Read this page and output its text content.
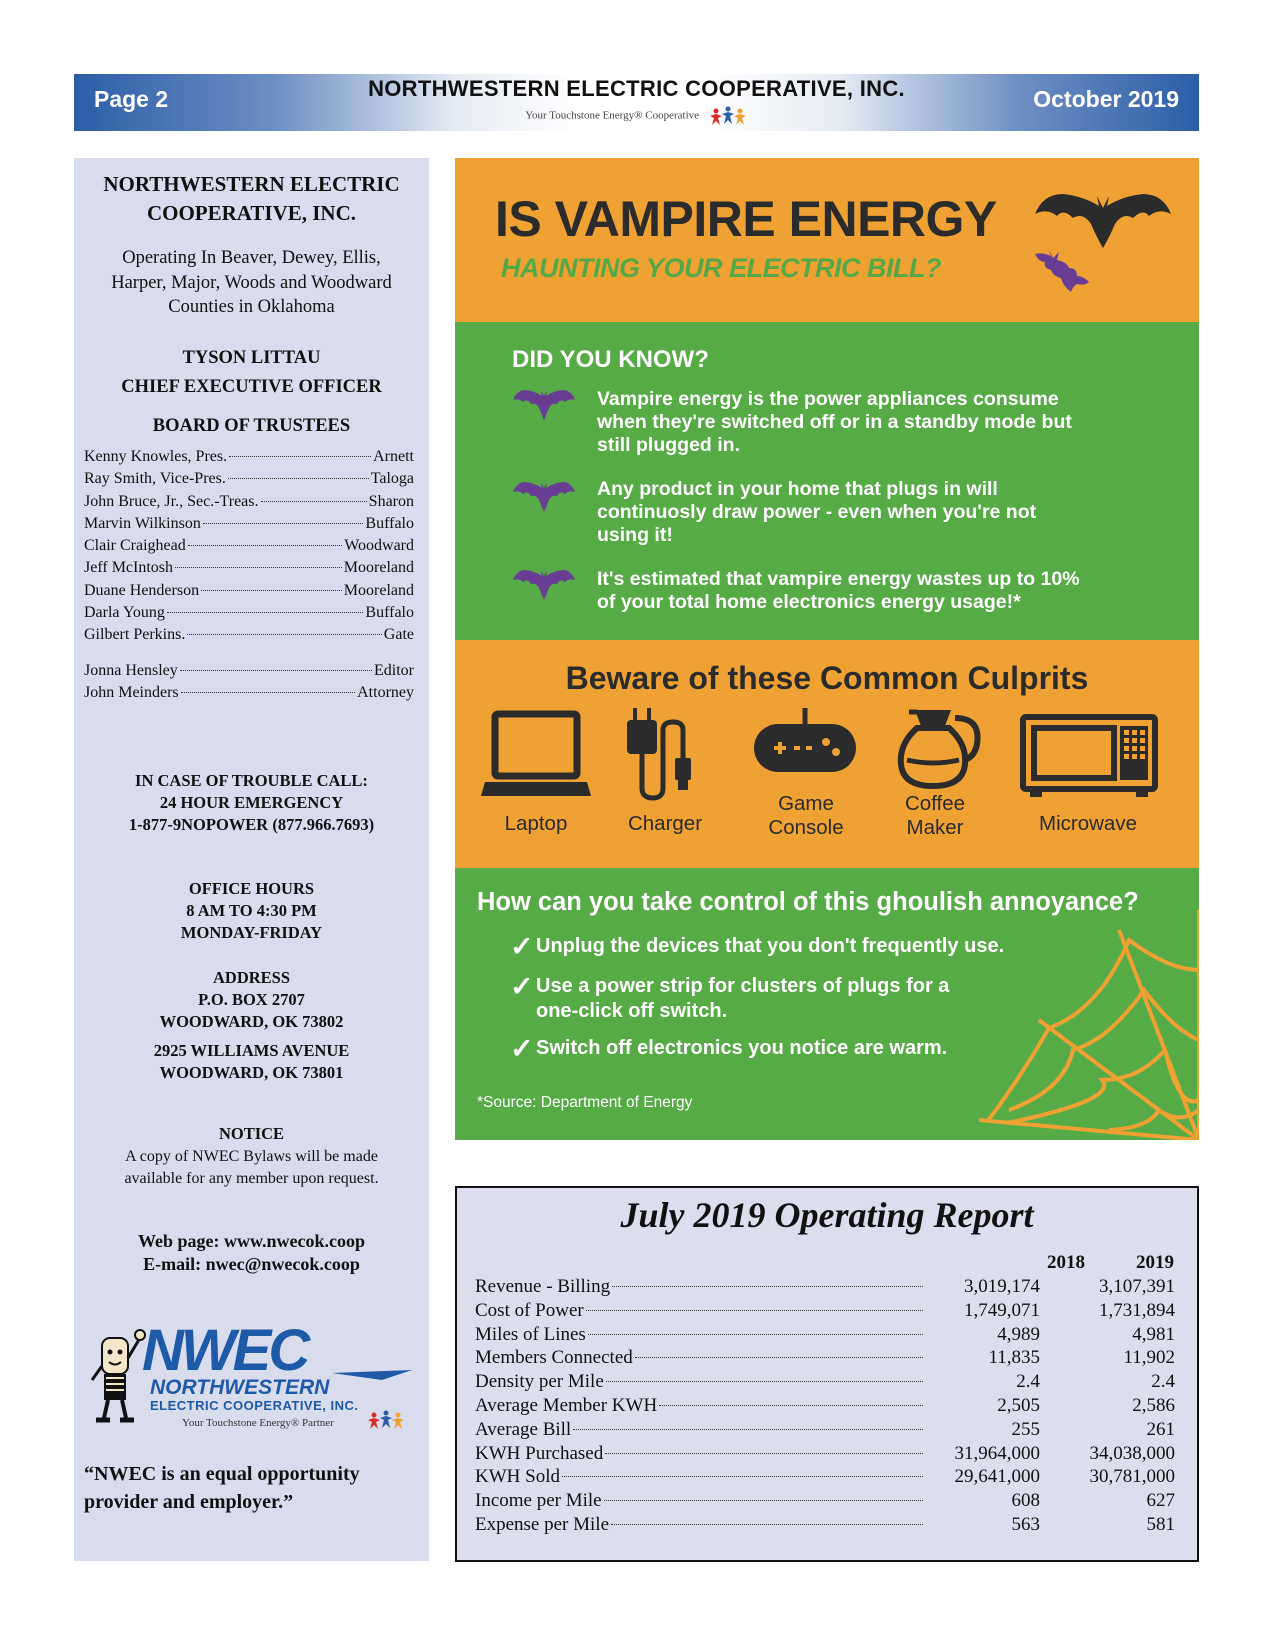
Page 2	NORTHWESTERN ELECTRIC COOPERATIVE, INC.
Your Touchstone Energy® Cooperative
October 2019
NORTHWESTERN ELECTRIC
COOPERATIVE, INC.
Operating In Beaver, Dewey, Ellis,
Harper, Major, Woods and Woodward
Counties in Oklahoma
TYSON LITTAU
CHIEF EXECUTIVE OFFICER
BOARD OF TRUSTEES
Kenny Knowles, Pres.	Arnett
Ray Smith, Vice-Pres.	Taloga
John Bruce, Jr., Sec.-Treas.	Sharon
Marvin Wilkinson	Buffalo
Clair Craighead	Woodward
Jeff McIntosh	Mooreland
Duane Henderson	Mooreland
Darla Young	Buffalo
Gilbert Perkins.	Gate
Jonna Hensley	Editor
John Meinders	Attorney
IN CASE OF TROUBLE CALL:
24 HOUR EMERGENCY
1-877-9NOPOWER (877.966.7693)
OFFICE HOURS
8 AM TO 4:30 PM
MONDAY-FRIDAY
ADDRESS
P.O. BOX 2707
WOODWARD, OK 73802
2925 WILLIAMS AVENUE
WOODWARD, OK 73801
NOTICE
A copy of NWEC Bylaws will be made
available for any member upon request.
Web page: www.nwecok.coop
E-mail: nwec@nwecok.coop
NWEC
NORTHWESTERN
ELECTRIC COOPERATIVE, INC.
Your Touchstone Energy® Partner
“NWEC is an equal opportunity
provider and employer.”
IS VAMPIRE ENERGY
HAUNTING YOUR ELECTRIC BILL?
DID YOU KNOW?
Vampire energy is the power appliances consume
when they're switched off or in a standby mode but
still plugged in.
Any product in your home that plugs in will
continuosly draw power - even when you're not
using it!
It's estimated that vampire energy wastes up to 10%
of your total home electronics energy usage!*
Beware of these Common Culprits
Laptop	Charger
Game
Console
Coffee
Maker	Microwave
How can you take control of this ghoulish annoyance?
✓ Unplug the devices that you don't frequently use.
✓ Use a power strip for clusters of plugs for a
one-click off switch.
✓ Switch off electronics you notice are warm.
*Source: Department of Energy
July 2019 Operating Report
2018	2019
Revenue - Billing	3,019,174	3,107,391
Cost of Power	1,749,071	1,731,894
Miles of Lines	4,989	4,981
Members Connected	11,835	11,902
Density per Mile	2.4	2.4
Average Member KWH	2,505	2,586
Average Bill	255	261
KWH Purchased	31,964,000	34,038,000
KWH Sold	29,641,000	30,781,000
Income per Mile	608	627
Expense per Mile	563	581
